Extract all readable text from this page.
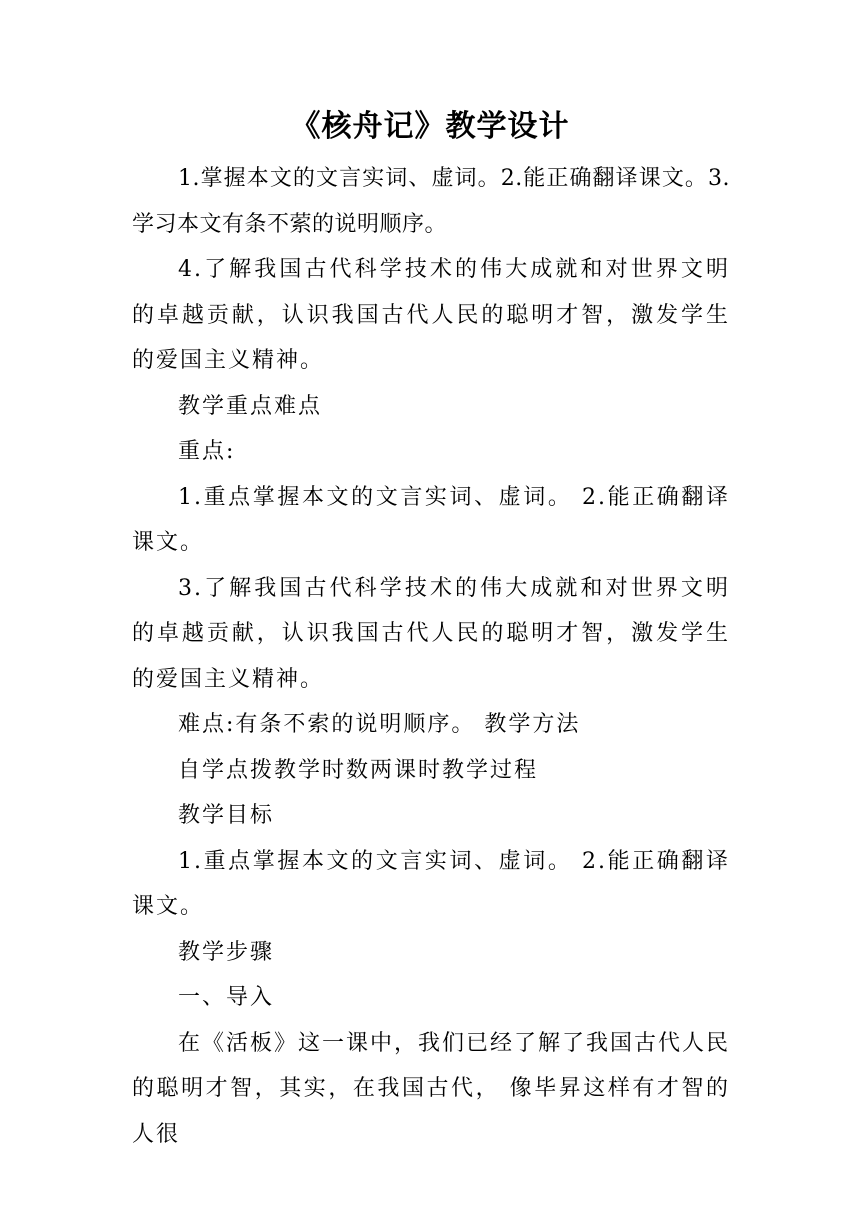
《核舟记》教学设计

1.掌握本文的文言实词、虚词。2.能正确翻译课文。3.学习本文有条不萦的说明顺序。

4.了解我国古代科学技术的伟大成就和对世界文明的卓越贡献，认识我国古代人民的聪明才智，激发学生的爱国主义精神。

教学重点难点

重点:

1.重点掌握本文的文言实词、虚词。 2.能正确翻译课文。

3.了解我国古代科学技术的伟大成就和对世界文明的卓越贡献，认识我国古代人民的聪明才智，激发学生的爱国主义精神。

难点:有条不索的说明顺序。 教学方法

自学点拨教学时数两课时教学过程

教学目标

1.重点掌握本文的文言实词、虚词。 2.能正确翻译课文。

教学步骤

一、导入

在《活板》这一课中，我们已经了解了我国古代人民的聪明才智，其实，在我国古代， 像毕昇这样有才智的人很
